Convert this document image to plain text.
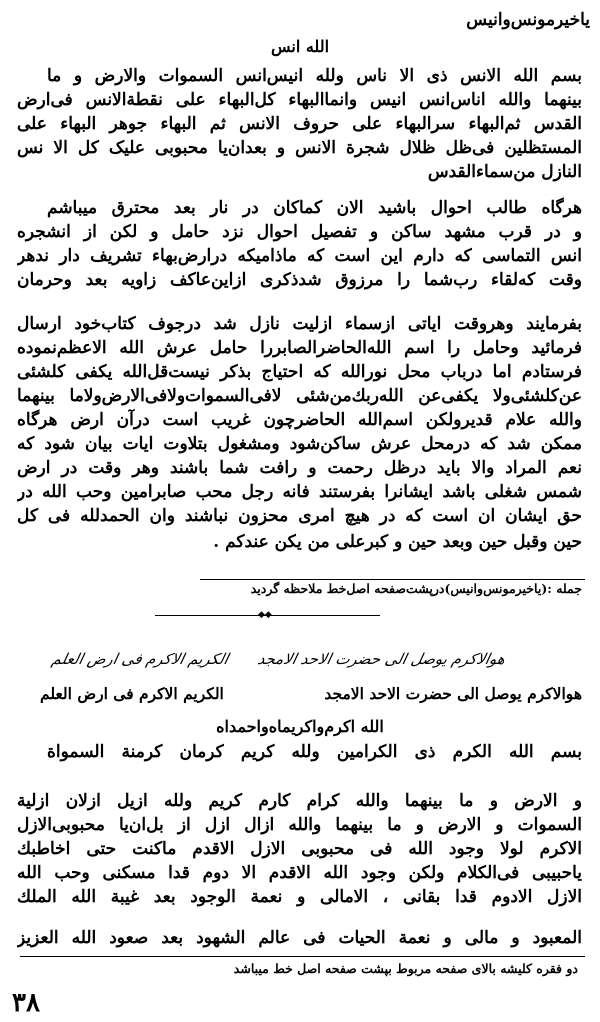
یاخیرمونس‌وانیس
الله انس
بسم الله الانس ذی الا ناس ولله انیس‌انس السموات والارض و ما
بینهما والله اناس‌انس انیس وانماالبهاء كل‌البهاء علی نقطة‌الانس فی‌ارض
القدس ثم‌البهاء سرالبهاء علی حروف الانس ثم البهاء جوهر البهاء علی
المستظلین فی‌ظل ظلال شجرة الانس و بعدان‌یا محبوبی علیک کل الا نس
النازل من‌سماء‌القدس
هرگاه طالب احوال باشید الان كماكان در نار بعد محترق میباشم
و در قرب مشهد ساكن و تفصیل احوال نزد حامل و لكن از انشجره
انس التماسی كه دارم این است كه ماذامیكه درارض‌بهاء تشریف دار ندهر
وقت كه‌لقاء رب‌شما را مرزوق شدذكری ازاین‌عاكف زاویه بعد وحرمان
بفرمایند وهروقت ایاتی ازسماء ازلیت نازل شد درجوف كتاب‌خود ارسال
فرمائید وحامل را اسم الله‌الحاضرالصابررا حامل عرش الله الاعظم‌نموده
فرستادم اما درباب محل نورالله كه احتیاج بذكر نیست‌قل‌الله یكفی كلشئی
عن‌كلشئی‌ولا یكفی‌عن الله‌ربك‌من‌شئی لافی‌السموات‌ولافی‌الارض‌ولاما بینهما
والله علام قدیرولكن اسم‌الله الحاضرچون غریب است درآن ارض هرگاه
ممكن شد كه درمحل عرش ساكن‌شود ومشغول بتلاوت ایات بیان شود كه
نعم المراد والا باید درظل رحمت و رافت شما باشند وهر وقت در ارض
شمس شغلی باشد ایشانرا بفرستند فانه رجل محب صابرامین وحب الله در
حق ایشان ان است كه در هیچ امری محزون نباشند وان الحمدلله فی كل
حین وقبل حین وبعد حین و كبرعلی من یكن عندكم .
جمله :(یاخیرمونس‌وانیس)درپشت‌صفحه اصل‌خط ملاحظه گردید
◆◆
هوالاكرم یوصل الی حضرت الاحد الامجد
الكریم الاكرم فی ارض العلم
هوالاكرم یوصل الی حضرت الاحد الامجد
الكریم الاكرم فی ارض العلم
الله اكرم‌واكریماه‌واحمداه
بسم الله الكرم ذی الكرامین ولله كریم كرمان كرمنة السمواة
و الارض و ما بینهما والله كرام كارم كریم ولله ازیل ازلان ازلیة
السموات و الارض و ما بینهما والله ازال ازل از بل‌ان‌یا محبوبی‌الازل
الاكرم لولا وجود الله فی محبوبی الازل الاقدم ماكنت حتی اخاطبك
یاحبیبی فی‌الكلام ولكن وجود الله الاقدم الا دوم قدا مسكنی وحب الله
الازل الادوم قدا بقانی ، الامالی و نعمة الوجود بعد غیبة الله الملك
المعبود و مالی و نعمة الحیات فی عالم الشهود بعد صعود الله العزیز
دو فقره كلیشه بالای صفحه مربوط بپشت صفحه اصل خط میباشد
۳۸
